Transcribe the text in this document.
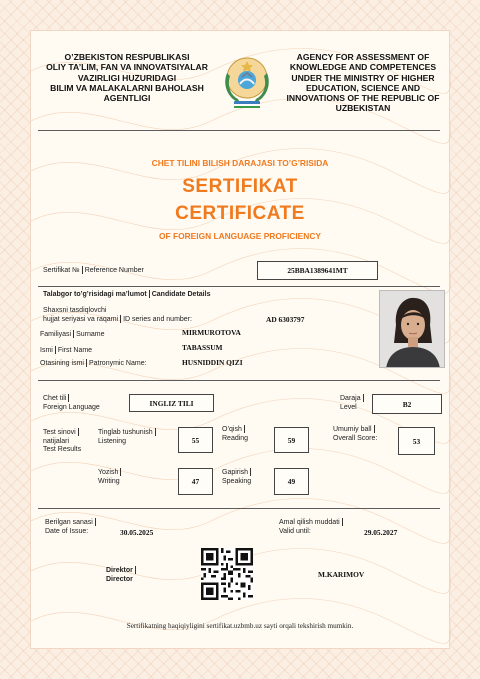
O’ZBEKISTON RESPUBLIKASI
OLIY TA’LIM, FAN VA INNOVATSIYALAR
VAZIRLIGI HUZURIDAGI
BILIM VA MALAKALARNI BAHOLASH
AGENTLIGI
AGENCY FOR ASSESSMENT OF
KNOWLEDGE AND COMPETENCES
UNDER THE MINISTRY OF HIGHER
EDUCATION, SCIENCE AND
INNOVATIONS OF THE REPUBLIC OF
UZBEKISTAN
CHET TILINI BILISH DARAJASI TO’G’RISIDA
SERTIFIKAT
CERTIFICATE
OF FOREIGN LANGUAGE PROFICIENCY
Sertifikat № Reference Number	25BBA1389641MT
Talabgor to’g’risidagi ma’lumot Candidate Details
Shaxsni tasdiqlovchi
hujjat seriyasi va raqami ID series and number:	AD 6303797
Familiyasi Surname	MIRMUROTOVA
Ismi First Name	TABASSUM
Otasining ismi Patronymic Name:	HUSNIDDIN QIZI
Chet tili
Foreign Language	INGLIZ TILI
Daraja
Level	B2
Test sinovi
natijalari
Test Results
Tinglab tushunish
Listening	55
O’qish
Reading	59
Umumiy ball
Overall Score:	53
Yozish
Writing	47
Gapirish
Speaking	49
Berilgan sanasi
Date of Issue:	30.05.2025
Amal qilish muddati
Valid until:	29.05.2027
Direktor
Director
M.KARIMOV
Sertifikatning haqiqiyligini sertifikat.uzbmb.uz sayti orqali tekshirish mumkin.
